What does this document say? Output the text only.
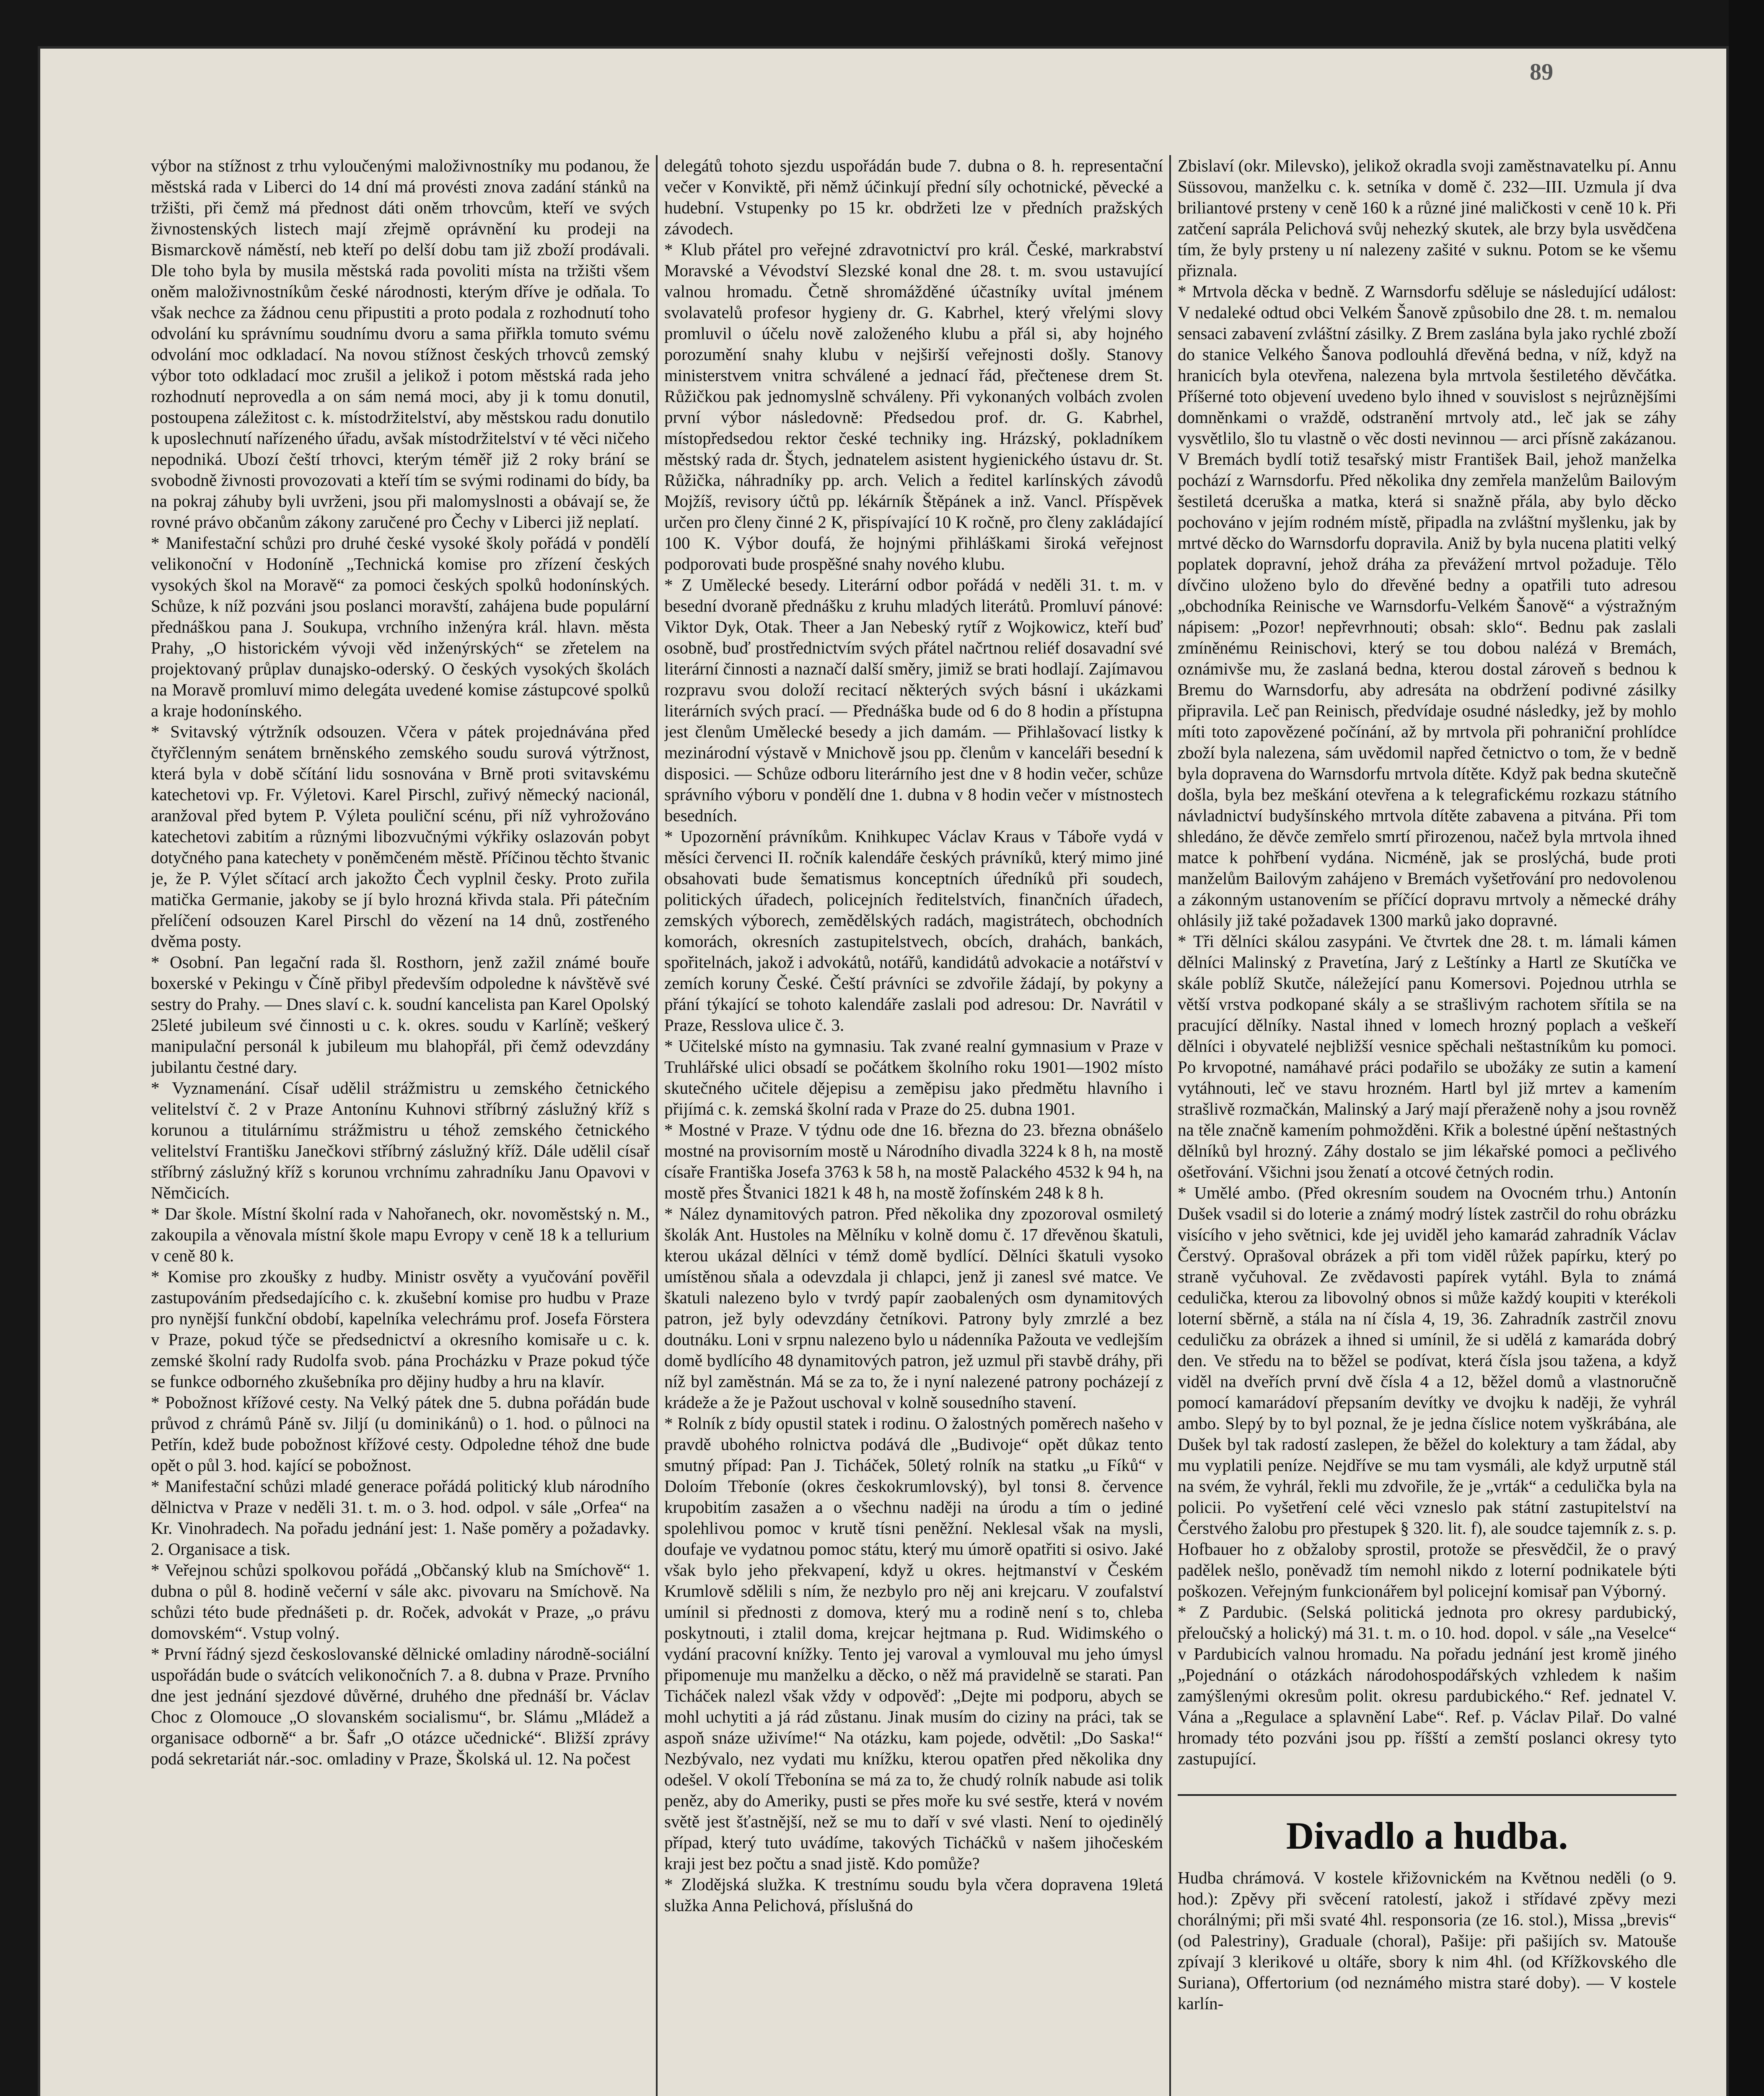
89

výbor na stížnost z trhu vyloučenými maloživnostníky mu podanou, že městská rada v Liberci do 14 dní má provésti znova zadání stánků na tržišti, při čemž má přednost dáti oněm trhovcům, kteří ve svých živnostenských listech mají zřejmě oprávnění ku prodeji na Bismarckově náměstí, neb kteří po delší dobu tam již zboží prodávali. Dle toho byla by musila městská rada povoliti místa na tržišti všem oněm maloživnostníkům české národnosti, kterým dříve je odňala. To však nechce za žádnou cenu připustiti a proto podala z rozhodnutí toho odvolání ku správnímu soudnímu dvoru a sama přiřkla tomuto svému odvolání moc odkladací. Na novou stížnost českých trhovců zemský výbor toto odkladací moc zrušil a jelikož i potom městská rada jeho rozhodnutí neprovedla a on sám nemá moci, aby ji k tomu donutil, postoupena záležitost c. k. místodržitelství, aby městskou radu donutilo k uposlechnutí nařízeného úřadu, avšak místodržitelství v té věci ničeho nepodniká. Ubozí čeští trhovci, kterým téměř již 2 roky brání se svobodně živnosti provozovati a kteří tím se svými rodinami do bídy, ba na pokraj záhuby byli uvrženi, jsou při malomyslnosti a obávají se, že rovné právo občanům zákony zaručené pro Čechy v Liberci již neplatí.

* Manifestační schůzi pro druhé české vysoké školy pořádá v pondělí velikonoční v Hodoníně „Technická komise pro zřízení českých vysokých škol na Moravě“ za pomoci českých spolků hodonínských. Schůze, k níž pozváni jsou poslanci moravští, zahájena bude populární přednáškou pana J. Soukupa, vrchního inženýra král. hlavn. města Prahy, „O historickém vývoji věd inženýrských“ se zřetelem na projektovaný průplav dunajsko-oderský. O českých vysokých školách na Moravě promluví mimo delegáta uvedené komise zástupcové spolků a kraje hodonínského.

* Svitavský výtržník odsouzen. Včera v pátek projednávána před čtyřčlenným senátem brněnského zemského soudu surová výtržnost, která byla v době sčítání lidu sosnována v Brně proti svitavskému katechetovi vp. Fr. Výletovi. Karel Pirschl, zuřivý německý nacionál, aranžoval před bytem P. Výleta pouliční scénu, při níž vyhrožováno katechetovi zabitím a různými libozvučnými výkřiky oslazován pobyt dotyčného pana katechety v poněmčeném městě. Příčinou těchto štvanic je, že P. Výlet sčítací arch jakožto Čech vyplnil česky. Proto zuřila matička Germanie, jakoby se jí bylo hrozná křivda stala. Při pátečním přelíčení odsouzen Karel Pirschl do vězení na 14 dnů, zostřeného dvěma posty.

* Osobní. Pan legační rada šl. Rosthorn, jenž zažil známé bouře boxerské v Pekingu v Číně přibyl především odpoledne k návštěvě své sestry do Prahy. — Dnes slaví c. k. soudní kancelista pan Karel Opolský 25leté jubileum své činnosti u c. k. okres. soudu v Karlíně; veškerý manipulační personál k jubileum mu blahopřál, při čemž odevzdány jubilantu čestné dary.

* Vyznamenání. Císař udělil strážmistru u zemského četnického velitelství č. 2 v Praze Antonínu Kuhnovi stříbrný záslužný kříž s korunou a titulárnímu strážmistru u téhož zemského četnického velitelství Františku Janečkovi stříbrný záslužný kříž. Dále udělil císař stříbrný záslužný kříž s korunou vrchnímu zahradníku Janu Opavovi v Němčicích.

* Dar škole. Místní školní rada v Nahořanech, okr. novoměstský n. M., zakoupila a věnovala místní škole mapu Evropy v ceně 18 k a tellurium v ceně 80 k.

* Komise pro zkoušky z hudby. Ministr osvěty a vyučování pověřil zastupováním předsedajícího c. k. zkušební komise pro hudbu v Praze pro nynější funkční období, kapelníka velechrámu prof. Josefa Förstera v Praze, pokud týče se předsednictví a okresního komisaře u c. k. zemské školní rady Rudolfa svob. pána Procházku v Praze pokud týče se funkce odborného zkušebníka pro dějiny hudby a hru na klavír.

* Pobožnost křížové cesty. Na Velký pátek dne 5. dubna pořádán bude průvod z chrámů Páně sv. Jiljí (u dominikánů) o 1. hod. o půlnoci na Petřín, kdež bude pobožnost křížové cesty. Odpoledne téhož dne bude opět o půl 3. hod. kající se pobožnost.

* Manifestační schůzi mladé generace pořádá politický klub národního dělnictva v Praze v neděli 31. t. m. o 3. hod. odpol. v sále „Orfea“ na Kr. Vinohradech. Na pořadu jednání jest: 1. Naše poměry a požadavky. 2. Organisace a tisk.

* Veřejnou schůzi spolkovou pořádá „Občanský klub na Smíchově“ 1. dubna o půl 8. hodině večerní v sále akc. pivovaru na Smíchově. Na schůzi této bude přednášeti p. dr. Roček, advokát v Praze, „o právu domovském“. Vstup volný.

* První řádný sjezd českoslovanské dělnické omladiny národně-sociální uspořádán bude o svátcích velikonočních 7. a 8. dubna v Praze. Prvního dne jest jednání sjezdové důvěrné, druhého dne přednáší br. Václav Choc z Olomouce „O slovanském socialismu“, br. Slámu „Mládež a organisace odborně“ a br. Šafr „O otázce učednické“. Bližší zprávy podá sekretariát nár.-soc. omladiny v Praze, Školská ul. 12. Na počest

delegátů tohoto sjezdu uspořádán bude 7. dubna o 8. h. representační večer v Konviktě, při němž účinkují přední síly ochotnické, pěvecké a hudební. Vstupenky po 15 kr. obdržeti lze v předních pražských závodech.

* Klub přátel pro veřejné zdravotnictví pro král. České, markrabství Moravské a Vévodství Slezské konal dne 28. t. m. svou ustavující valnou hromadu. Četně shromážděné účastníky uvítal jménem svolavatelů profesor hygieny dr. G. Kabrhel, který vřelými slovy promluvil o účelu nově založeného klubu a přál si, aby hojného porozumění snahy klubu v nejširší veřejnosti došly. Stanovy ministerstvem vnitra schválené a jednací řád, přečtenese drem St. Růžičkou pak jednomyslně schváleny. Při vykonaných volbách zvolen první výbor následovně: Předsedou prof. dr. G. Kabrhel, místopředsedou rektor české techniky ing. Hrázský, pokladníkem městský rada dr. Štych, jednatelem asistent hygienického ústavu dr. St. Růžička, náhradníky pp. arch. Velich a ředitel karlínských závodů Mojžíš, revisory účtů pp. lékárník Štěpánek a inž. Vancl. Příspěvek určen pro členy činné 2 K, přispívající 10 K ročně, pro členy zakládající 100 K. Výbor doufá, že hojnými přihláškami široká veřejnost podporovati bude prospěšné snahy nového klubu.

* Z Umělecké besedy. Literární odbor pořádá v neděli 31. t. m. v besední dvoraně přednášku z kruhu mladých literátů. Promluví pánové: Viktor Dyk, Otak. Theer a Jan Nebeský rytíř z Wojkowicz, kteří buď osobně, buď prostřednictvím svých přátel načrtnou reliéf dosavadní své literární činnosti a naznačí další směry, jimiž se brati hodlají. Zajímavou rozpravu svou doloží recitací některých svých básní i ukázkami literárních svých prací. — Přednáška bude od 6 do 8 hodin a přístupna jest členům Umělecké besedy a jich damám. — Přihlašovací listky k mezinárodní výstavě v Mnichově jsou pp. členům v kanceláři besední k disposici. — Schůze odboru literárního jest dne v 8 hodin večer, schůze správního výboru v pondělí dne 1. dubna v 8 hodin večer v místnostech besedních.

* Upozornění právníkům. Knihkupec Václav Kraus v Táboře vydá v měsíci červenci II. ročník kalendáře českých právníků, který mimo jiné obsahovati bude šematismus konceptních úředníků při soudech, politických úřadech, policejních ředitelstvích, finančních úřadech, zemských výborech, zemědělských radách, magistrátech, obchodních komorách, okresních zastupitelstvech, obcích, drahách, bankách, spořitelnách, jakož i advokátů, notářů, kandidátů advokacie a notářství v zemích koruny České. Čeští právníci se zdvořile žádají, by pokyny a přání týkající se tohoto kalendáře zaslali pod adresou: Dr. Navrátil v Praze, Resslova ulice č. 3.

* Učitelské místo na gymnasiu. Tak zvané realní gymnasium v Praze v Truhlářské ulici obsadí se počátkem školního roku 1901—1902 místo skutečného učitele dějepisu a zeměpisu jako předmětu hlavního i přijímá c. k. zemská školní rada v Praze do 25. dubna 1901.

* Mostné v Praze. V týdnu ode dne 16. března do 23. března obnášelo mostné na provisorním mostě u Národního divadla 3224 k 8 h, na mostě císaře Františka Josefa 3763 k 58 h, na mostě Palackého 4532 k 94 h, na mostě přes Štvanici 1821 k 48 h, na mostě žofínském 248 k 8 h.

* Nález dynamitových patron. Před několika dny zpozoroval osmiletý školák Ant. Hustoles na Mělníku v kolně domu č. 17 dřevěnou škatuli, kterou ukázal dělníci v témž domě bydlící. Dělníci škatuli vysoko umístěnou sňala a odevzdala ji chlapci, jenž ji zanesl své matce. Ve škatuli nalezeno bylo v tvrdý papír zaobalených osm dynamitových patron, jež byly odevzdány četníkovi. Patrony byly zmrzlé a bez doutnáku. Loni v srpnu nalezeno bylo u nádenníka Pažouta ve vedlejším domě bydlícího 48 dynamitových patron, jež uzmul při stavbě dráhy, při níž byl zaměstnán. Má se za to, že i nyní nalezené patrony pocházejí z krádeže a že je Pažout uschoval v kolně sousedního stavení.

* Rolník z bídy opustil statek i rodinu. O žalostných poměrech našeho v pravdě ubohého rolnictva podává dle „Budivoje“ opět důkaz tento smutný případ: Pan J. Ticháček, 50letý rolník na statku „u Fíků“ v Doloím Třeboníe (okres českokrumlovský), byl tonsi 8. července krupobitím zasažen a o všechnu naději na úrodu a tím o jediné spolehlivou pomoc v krutě tísni peněžní. Neklesal však na mysli, doufaje ve vydatnou pomoc státu, který mu úmorě opatřiti si osivo. Jaké však bylo jeho překvapení, když u okres. hejtmanství v Českém Krumlově sdělili s ním, že nezbylo pro něj ani krejcaru. V zoufalství umínil si přednosti z domova, který mu a rodině není s to, chleba poskytnouti, i ztalil doma, krejcar hejtmana p. Rud. Widimského o vydání pracovní knížky. Tento jej varoval a vymlouval mu jeho úmysl připomenuje mu manželku a děcko, o něž má pravidelně se starati. Pan Ticháček nalezl však vždy v odpověď: „Dejte mi podporu, abych se mohl uchytiti a já rád zůstanu. Jinak musím do ciziny na práci, tak se aspoň snáze uživíme!“ Na otázku, kam pojede, odvětil: „Do Saska!“ Nezbývalo, nez vydati mu knížku, kterou opatřen před několika dny odešel. V okolí Třebonína se má za to, že chudý rolník nabude asi tolik peněz, aby do Ameriky, pusti se přes moře ku své sestře, která v novém světě jest šťastnější, než se mu to daří v své vlasti. Není to ojedinělý případ, který tuto uvádíme, takových Ticháčků v našem jihočeském kraji jest bez počtu a snad jistě. Kdo pomůže?

* Zlodějská služka. K trestnímu soudu byla včera dopravena 19letá služka Anna Pelichová, příslušná do

Zbislaví (okr. Milevsko), jelikož okradla svoji zaměstnavatelku pí. Annu Süssovou, manželku c. k. setníka v domě č. 232—III. Uzmula jí dva briliantové prsteny v ceně 160 k a různé jiné maličkosti v ceně 10 k. Při zatčení saprála Pelichová svůj nehezký skutek, ale brzy byla usvědčena tím, že byly prsteny u ní nalezeny zašité v suknu. Potom se ke všemu přiznala.

* Mrtvola děcka v bedně. Z Warnsdorfu sděluje se následující událost: V nedaleké odtud obci Velkém Šanově způsobilo dne 28. t. m. nemalou sensaci zabavení zvláštní zásilky. Z Brem zaslána byla jako rychlé zboží do stanice Velkého Šanova podlouhlá dřevěná bedna, v níž, když na hranicích byla otevřena, nalezena byla mrtvola šestiletého děvčátka. Příšerné toto objevení uvedeno bylo ihned v souvislost s nejrůznějšími domněnkami o vraždě, odstranění mrtvoly atd., leč jak se záhy vysvětlilo, šlo tu vlastně o věc dosti nevinnou — arci přísně zakázanou. V Bremách bydlí totiž tesařský mistr František Bail, jehož manželka pochází z Warnsdorfu. Před několika dny zemřela manželům Bailovým šestiletá dceruška a matka, která si snažně přála, aby bylo děcko pochováno v jejím rodném místě, připadla na zvláštní myšlenku, jak by mrtvé děcko do Warnsdorfu dopravila. Aniž by byla nucena platiti velký poplatek dopravní, jehož dráha za převážení mrtvol požaduje. Tělo dívčino uloženo bylo do dřevěné bedny a opatřili tuto adresou „obchodníka Reinische ve Warnsdorfu-Velkém Šanově“ a výstražným nápisem: „Pozor! nepřevrhnouti; obsah: sklo“. Bednu pak zaslali zmíněnému Reinischovi, který se tou dobou nalézá v Bremách, oznámivše mu, že zaslaná bedna, kterou dostal zároveň s bednou k Bremu do Warnsdorfu, aby adresáta na obdržení podivné zásilky připravila. Leč pan Reinisch, předvídaje osudné následky, jež by mohlo míti toto zapovězené počínání, až by mrtvola při pohraniční prohlídce zboží byla nalezena, sám uvědomil napřed četnictvo o tom, že v bedně byla dopravena do Warnsdorfu mrtvola dítěte. Když pak bedna skutečně došla, byla bez meškání otevřena a k telegrafickému rozkazu státního návladnictví budyšínského mrtvola dítěte zabavena a pitvána. Při tom shledáno, že děvče zemřelo smrtí přirozenou, načež byla mrtvola ihned matce k pohřbení vydána. Nicméně, jak se proslýchá, bude proti manželům Bailovým zahájeno v Bremách vyšetřování pro nedovolenou a zákonným ustanovením se příčící dopravu mrtvoly a německé dráhy ohlásily již také požadavek 1300 marků jako dopravné.

* Tři dělníci skálou zasypáni. Ve čtvrtek dne 28. t. m. lámali kámen dělníci Malinský z Pravetína, Jarý z Leštínky a Hartl ze Skutíčka ve skále poblíž Skutče, náležející panu Komersovi. Pojednou utrhla se větší vrstva podkopané skály a se strašlivým rachotem sřítila se na pracující dělníky. Nastal ihned v lomech hrozný poplach a veškeří dělníci i obyvatelé nejbližší vesnice spěchali neštastníkům ku pomoci. Po krvopotné, namáhavé práci podařilo se ubožáky ze sutin a kamení vytáhnouti, leč ve stavu hrozném. Hartl byl již mrtev a kamením strašlivě rozmačkán, Malinský a Jarý mají přeraženě nohy a jsou rovněž na těle značně kamením pohmožděni. Křik a bolestné úpění neštastných dělníků byl hrozný. Záhy dostalo se jim lékařské pomoci a pečlivého ošetřování. Všichni jsou ženatí a otcové četných rodin.

* Umělé ambo. (Před okresním soudem na Ovocném trhu.) Antonín Dušek vsadil si do loterie a známý modrý lístek zastrčil do rohu obrázku visícího v jeho světnici, kde jej uviděl jeho kamarád zahradník Václav Čerstvý. Oprašoval obrázek a při tom viděl růžek papírku, který po straně vyčuhoval. Ze zvědavosti papírek vytáhl. Byla to známá cedulička, kterou za libovolný obnos si může každý koupiti v kterékoli loterní sběrně, a stála na ní čísla 4, 19, 36. Zahradník zastrčil znovu ceduličku za obrázek a ihned si umínil, že si udělá z kamaráda dobrý den. Ve středu na to běžel se podívat, která čísla jsou tažena, a když viděl na dveřích první dvě čísla 4 a 12, běžel domů a vlastnoručně pomocí kamarádoví přepsaním devítky ve dvojku k naději, že vyhrál ambo. Slepý by to byl poznal, že je jedna číslice notem vyškrábána, ale Dušek byl tak radostí zaslepen, že běžel do kolektury a tam žádal, aby mu vyplatili peníze. Nejdříve se mu tam vysmáli, ale když urputně stál na svém, že vyhrál, řekli mu zdvořile, že je „vrták“ a cedulička byla na policii. Po vyšetření celé věci vzneslo pak státní zastupitelství na Čerstvého žalobu pro přestupek § 320. lit. f), ale soudce tajemník z. s. p. Hofbauer ho z obžaloby sprostil, protože se přesvědčil, že o pravý padělek nešlo, poněvadž tím nemohl nikdo z loterní podnikatele býti poškozen. Veřejným funkcionářem byl policejní komisař pan Výborný.

* Z Pardubic. (Selská politická jednota pro okresy pardubický, přeloučský a holický) má 31. t. m. o 10. hod. dopol. v sále „na Veselce“ v Pardubicích valnou hromadu. Na pořadu jednání jest kromě jiného „Pojednání o otázkách národohospodářských vzhledem k našim zamýšlenými okresům polit. okresu pardubického.“ Ref. jednatel V. Vána a „Regulace a splavnění Labe“. Ref. p. Václav Pilař. Do valné hromady této pozváni jsou pp. říšští a zemští poslanci okresy tyto zastupující.

Divadlo a hudba.

Hudba chrámová. V kostele křižovnickém na Květnou neděli (o 9. hod.): Zpěvy při svěcení ratolestí, jakož i střídavé zpěvy mezi chorálnými; při mši svaté 4hl. responsoria (ze 16. stol.), Missa „brevis“ (od Palestriny), Graduale (choral), Pašije: při pašijích sv. Matouše zpívají 3 klerikové u oltáře, sbory k nim 4hl. (od Křížkovského dle Suriana), Offertorium (od neznámého mistra staré doby). — V kostele karlín-
